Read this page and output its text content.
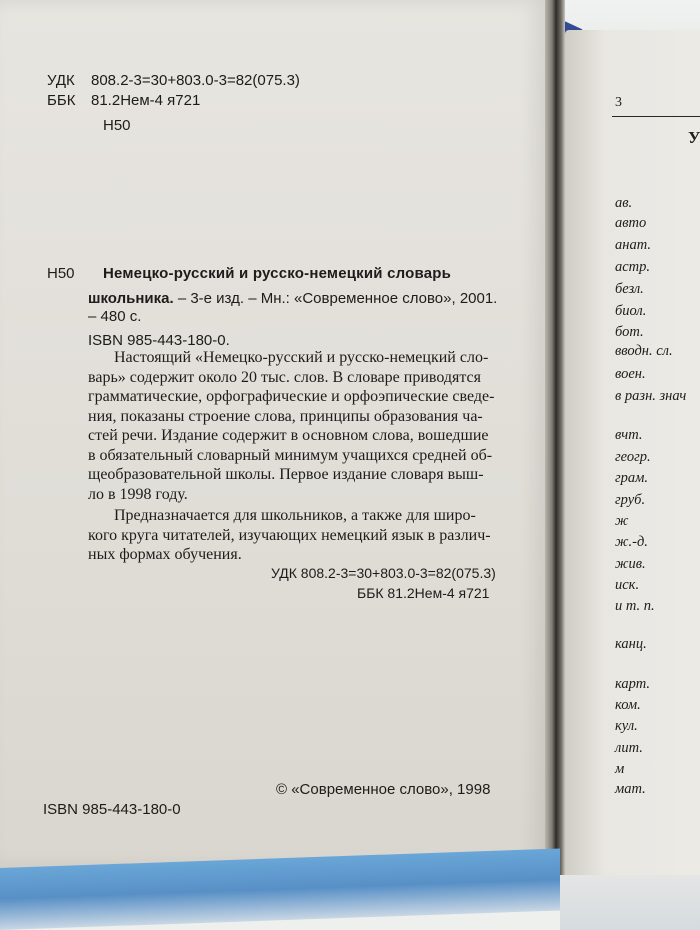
УДК 808.2-3=30+803.0-3=82(075.3)
ББК 81.2Нем-4 я721
Н50
Н50 Немецко-русский и русско-немецкий словарь
школьника. – 3-е изд. – Мн.: «Современное слово», 2001.
– 480 с.
ISBN 985-443-180-0.
Настоящий «Немецко-русский и русско-немецкий сло-
варь» содержит около 20 тыс. слов. В словаре приводятся
грамматические, орфографические и орфоэпические сведе-
ния, показаны строение слова, принципы образования ча-
стей речи. Издание содержит в основном слова, вошедшие
в обязательный словарный минимум учащихся средней об-
щеобразовательной школы. Первое издание словаря выш-
ло в 1998 году.
Предназначается для школьников, а также для широ-
кого круга читателей, изучающих немецкий язык в различ-
ных формах обучения.
УДК 808.2-3=30+803.0-3=82(075.3)
ББК 81.2Нем-4 я721
ISBN 985-443-180-0
© «Современное слово», 1998
3
У
ав.
авто
анат.
астр.
безл.
биол.
бот.
вводн. сл.
воен.
в разн. знач
вчт.
геогр.
грам.
груб.
ж
ж.-д.
жив.
иск.
и т. п.
канц.
карт.
ком.
кул.
лит.
м
мат.
